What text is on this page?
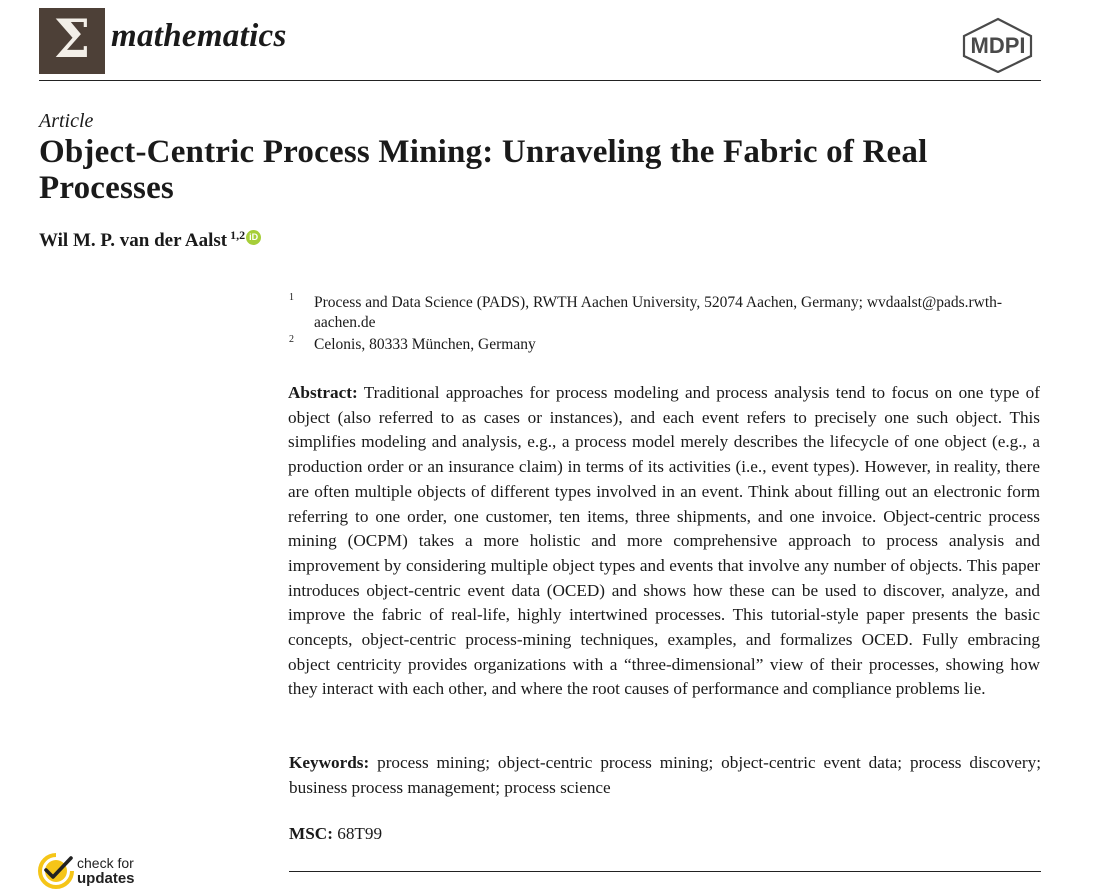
Σ mathematics	MDPI
Article
Object-Centric Process Mining: Unraveling the Fabric of Real Processes
Wil M. P. van der Aalst $^{1,2}$ iD
1 Process and Data Science (PADS), RWTH Aachen University, 52074 Aachen, Germany; wvdaalst@pads.rwth-aachen.de
2 Celonis, 80333 München, Germany
Abstract: Traditional approaches for process modeling and process analysis tend to focus on one type of object (also referred to as cases or instances), and each event refers to precisely one such object. This simplifies modeling and analysis, e.g., a process model merely describes the lifecycle of one object (e.g., a production order or an insurance claim) in terms of its activities (i.e., event types). However, in reality, there are often multiple objects of different types involved in an event. Think about filling out an electronic form referring to one order, one customer, ten items, three shipments, and one invoice. Object-centric process mining (OCPM) takes a more holistic and more comprehensive approach to process analysis and improvement by considering multiple object types and events that involve any number of objects. This paper introduces object-centric event data (OCED) and shows how these can be used to discover, analyze, and improve the fabric of real-life, highly intertwined processes. This tutorial-style paper presents the basic concepts, object-centric process-mining techniques, examples, and formalizes OCED. Fully embracing object centricity provides organizations with a “three-dimensional” view of their processes, showing how they interact with each other, and where the root causes of performance and compliance problems lie.
Keywords: process mining; object-centric process mining; object-centric event data; process discovery; business process management; process science
MSC: 68T99
check for
updates
